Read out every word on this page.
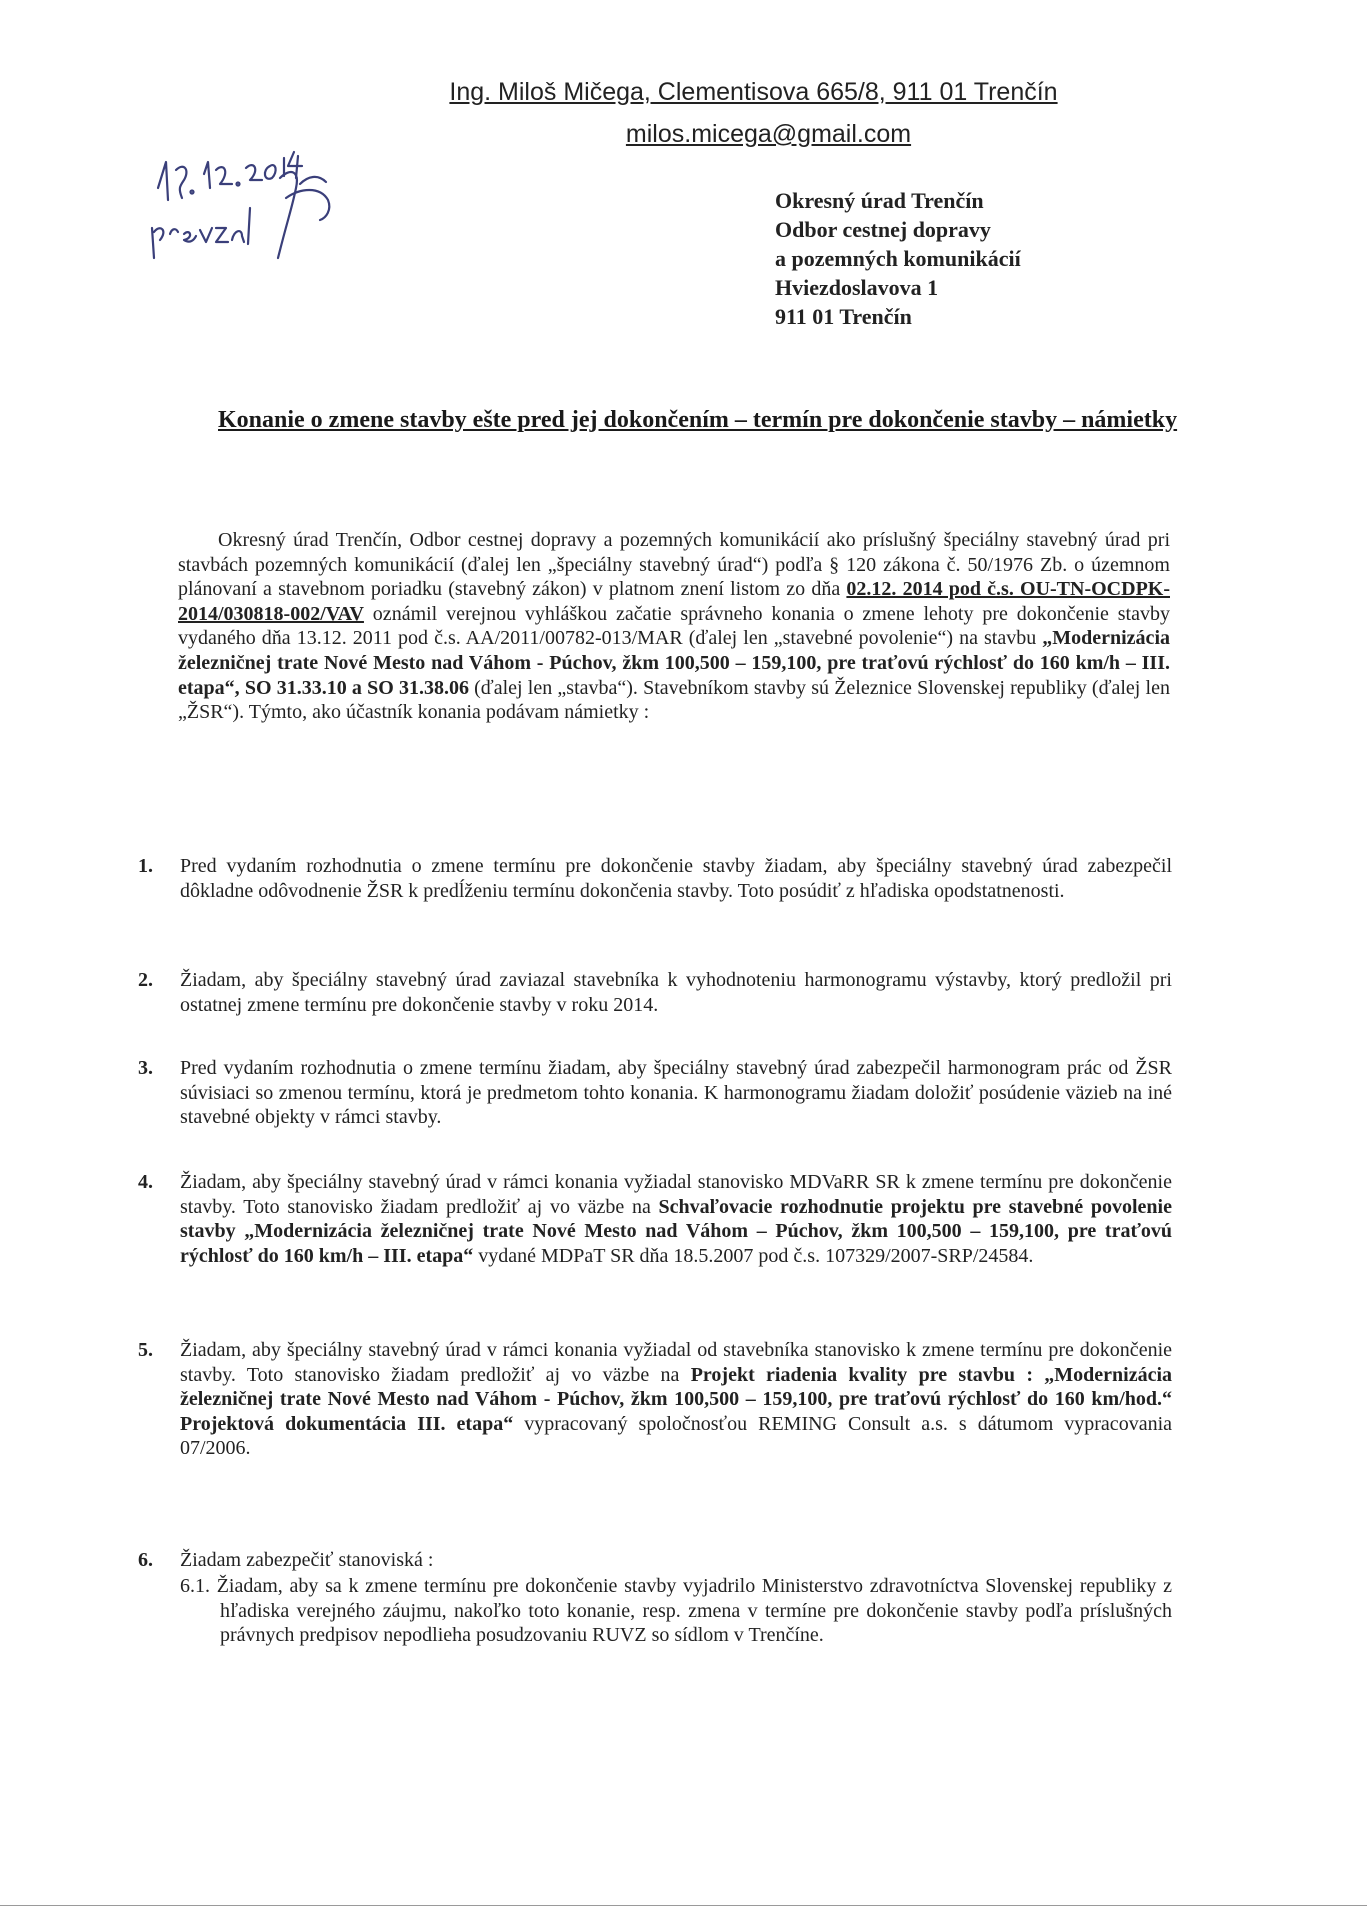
Ing. Miloš Mičega, Clementisova 665/8, 911 01 Trenčín
milos.micega@gmail.com
Okresný úrad Trenčín
Odbor cestnej dopravy
a pozemných komunikácií
Hviezdoslavova 1
911 01 Trenčín
Konanie o zmene stavby ešte pred jej dokončením – termín pre dokončenie stavby – námietky
Okresný úrad Trenčín, Odbor cestnej dopravy a pozemných komunikácií ako príslušný špeciálny stavebný úrad pri stavbách pozemných komunikácií (ďalej len „špeciálny stavebný úrad“) podľa § 120 zákona č. 50/1976 Zb. o územnom plánovaní a stavebnom poriadku (stavebný zákon) v platnom znení listom zo dňa 02.12. 2014 pod č.s. OU-TN-OCDPK-2014/030818-002/VAV oznámil verejnou vyhláškou začatie správneho konania o zmene lehoty pre dokončenie stavby vydaného dňa 13.12. 2011 pod č.s. AA/2011/00782-013/MAR (ďalej len „stavebné povolenie“) na stavbu „Modernizácia železničnej trate Nové Mesto nad Váhom - Púchov, žkm 100,500 – 159,100, pre traťovú rýchlosť do 160 km/h – III. etapa“, SO 31.33.10 a SO 31.38.06 (ďalej len „stavba“). Stavebníkom stavby sú Železnice Slovenskej republiky (ďalej len „ŽSR“). Týmto, ako účastník konania podávam námietky :
1.	Pred vydaním rozhodnutia o zmene termínu pre dokončenie stavby žiadam, aby špeciálny stavebný úrad zabezpečil dôkladne odôvodnenie ŽSR k predĺženiu termínu dokončenia stavby. Toto posúdiť z hľadiska opodstatnenosti.
2.	Žiadam, aby špeciálny stavebný úrad zaviazal stavebníka k vyhodnoteniu harmonogramu výstavby, ktorý predložil pri ostatnej zmene termínu pre dokončenie stavby v roku 2014.
3.	Pred vydaním rozhodnutia o zmene termínu žiadam, aby špeciálny stavebný úrad zabezpečil harmonogram prác od ŽSR súvisiaci so zmenou termínu, ktorá je predmetom tohto konania. K harmonogramu žiadam doložiť posúdenie väzieb na iné stavebné objekty v rámci stavby.
4.	Žiadam, aby špeciálny stavebný úrad v rámci konania vyžiadal stanovisko MDVaRR SR k zmene termínu pre dokončenie stavby. Toto stanovisko žiadam predložiť aj vo väzbe na Schvaľovacie rozhodnutie projektu pre stavebné povolenie stavby „Modernizácia železničnej trate Nové Mesto nad Váhom – Púchov, žkm 100,500 – 159,100, pre traťovú rýchlosť do 160 km/h – III. etapa“ vydané MDPaT SR dňa 18.5.2007 pod č.s. 107329/2007-SRP/24584.
5.	Žiadam, aby špeciálny stavebný úrad v rámci konania vyžiadal od stavebníka stanovisko k zmene termínu pre dokončenie stavby. Toto stanovisko žiadam predložiť aj vo väzbe na Projekt riadenia kvality pre stavbu : „Modernizácia železničnej trate Nové Mesto nad Váhom - Púchov, žkm 100,500 – 159,100, pre traťovú rýchlosť do 160 km/hod.“ Projektová dokumentácia III. etapa“ vypracovaný spoločnosťou REMING Consult a.s. s dátumom vypracovania 07/2006.
6.	Žiadam zabezpečiť stanoviská :
6.1. Žiadam, aby sa k zmene termínu pre dokončenie stavby vyjadrilo Ministerstvo zdravotníctva Slovenskej republiky z hľadiska verejného záujmu, nakoľko toto konanie, resp. zmena v termíne pre dokončenie stavby podľa príslušných právnych predpisov nepodlieha posudzovaniu RUVZ so sídlom v Trenčíne.
